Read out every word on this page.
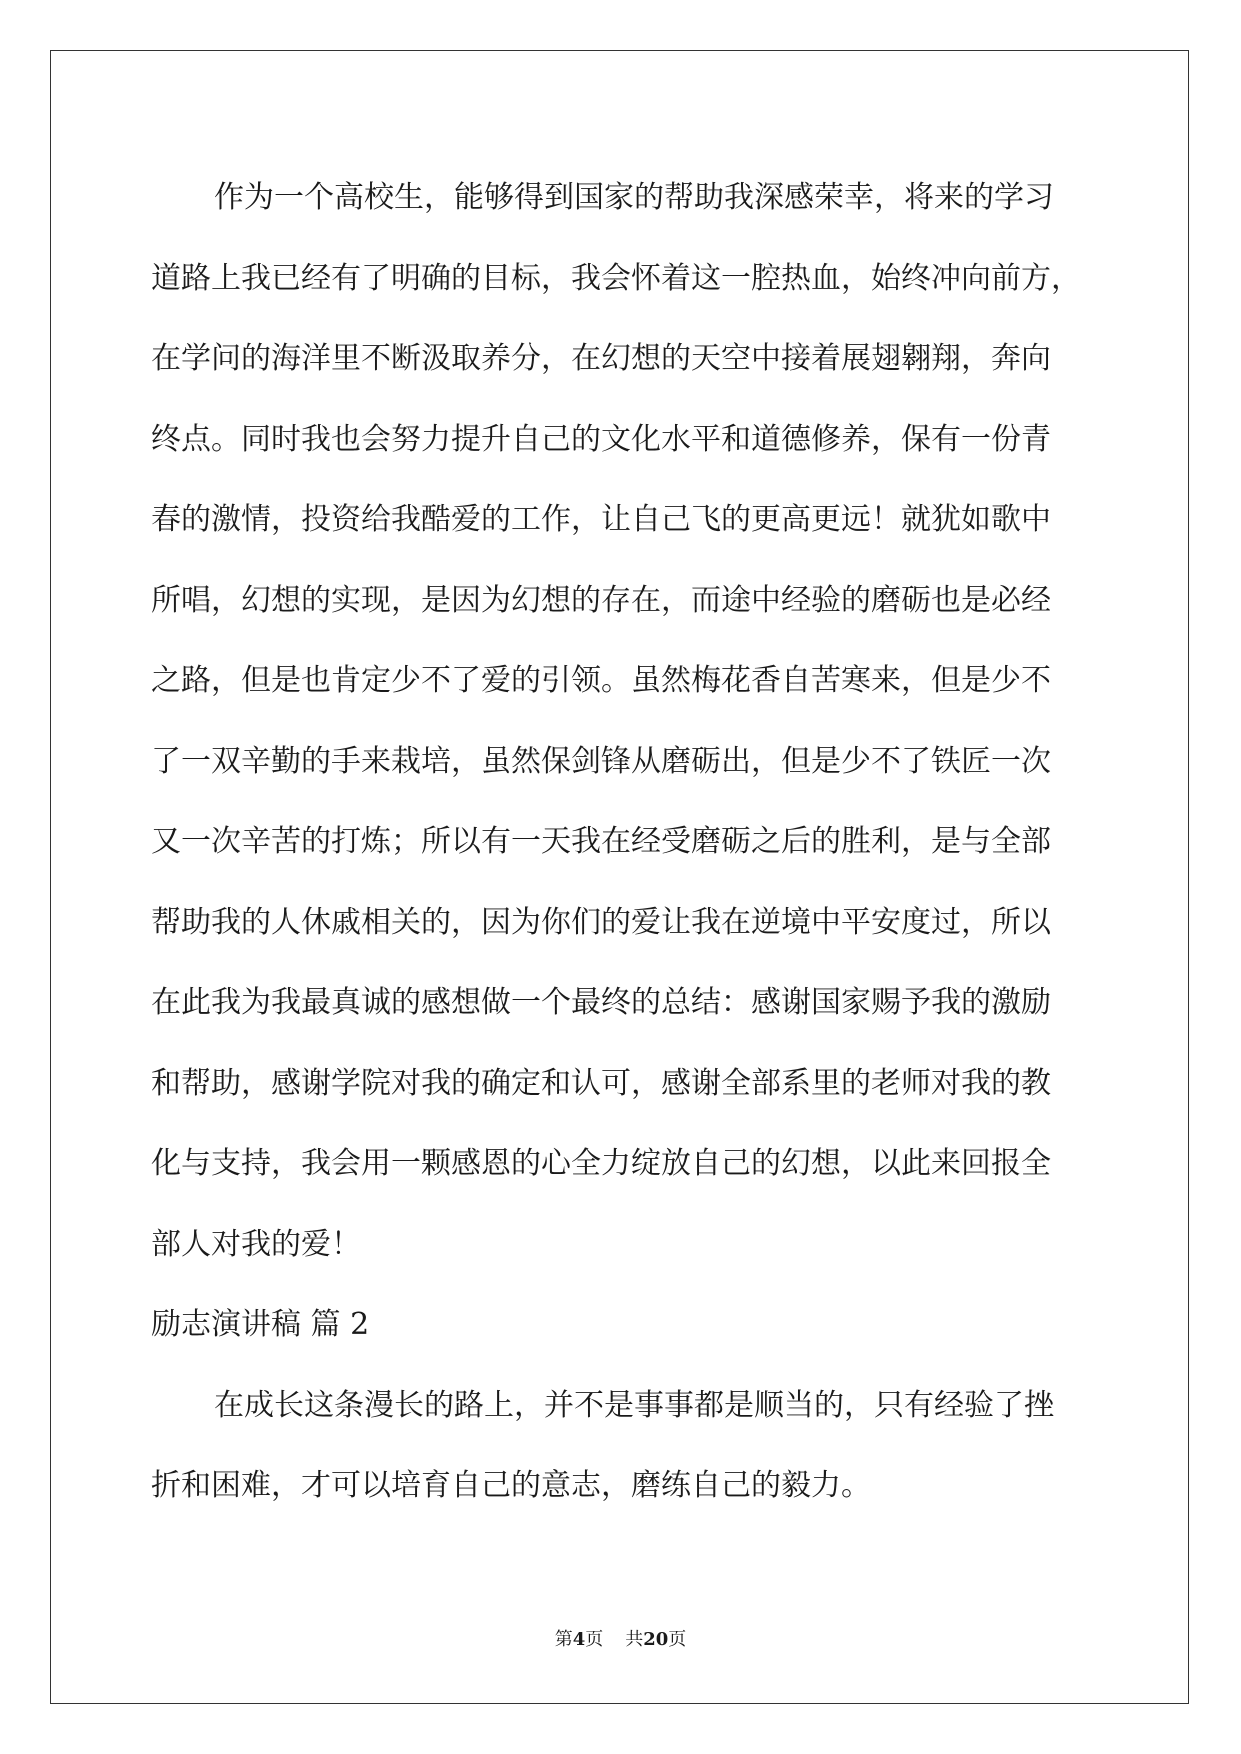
作为一个高校生，能够得到国家的帮助我深感荣幸，将来的学习
道路上我已经有了明确的目标，我会怀着这一腔热血，始终冲向前方，
在学问的海洋里不断汲取养分，在幻想的天空中接着展翅翱翔，奔向
终点。同时我也会努力提升自己的文化水平和道德修养，保有一份青
春的激情，投资给我酷爱的工作，让自己飞的更高更远！就犹如歌中
所唱，幻想的实现，是因为幻想的存在，而途中经验的磨砺也是必经
之路，但是也肯定少不了爱的引领。虽然梅花香自苦寒来，但是少不
了一双辛勤的手来栽培，虽然保剑锋从磨砺出，但是少不了铁匠一次
又一次辛苦的打炼；所以有一天我在经受磨砺之后的胜利，是与全部
帮助我的人休戚相关的，因为你们的爱让我在逆境中平安度过，所以
在此我为我最真诚的感想做一个最终的总结：感谢国家赐予我的激励
和帮助，感谢学院对我的确定和认可，感谢全部系里的老师对我的教
化与支持，我会用一颗感恩的心全力绽放自己的幻想，以此来回报全
部人对我的爱！
励志演讲稿 篇 2
在成长这条漫长的路上，并不是事事都是顺当的，只有经验了挫
折和困难，才可以培育自己的意志，磨练自己的毅力。
第4页 共20页
